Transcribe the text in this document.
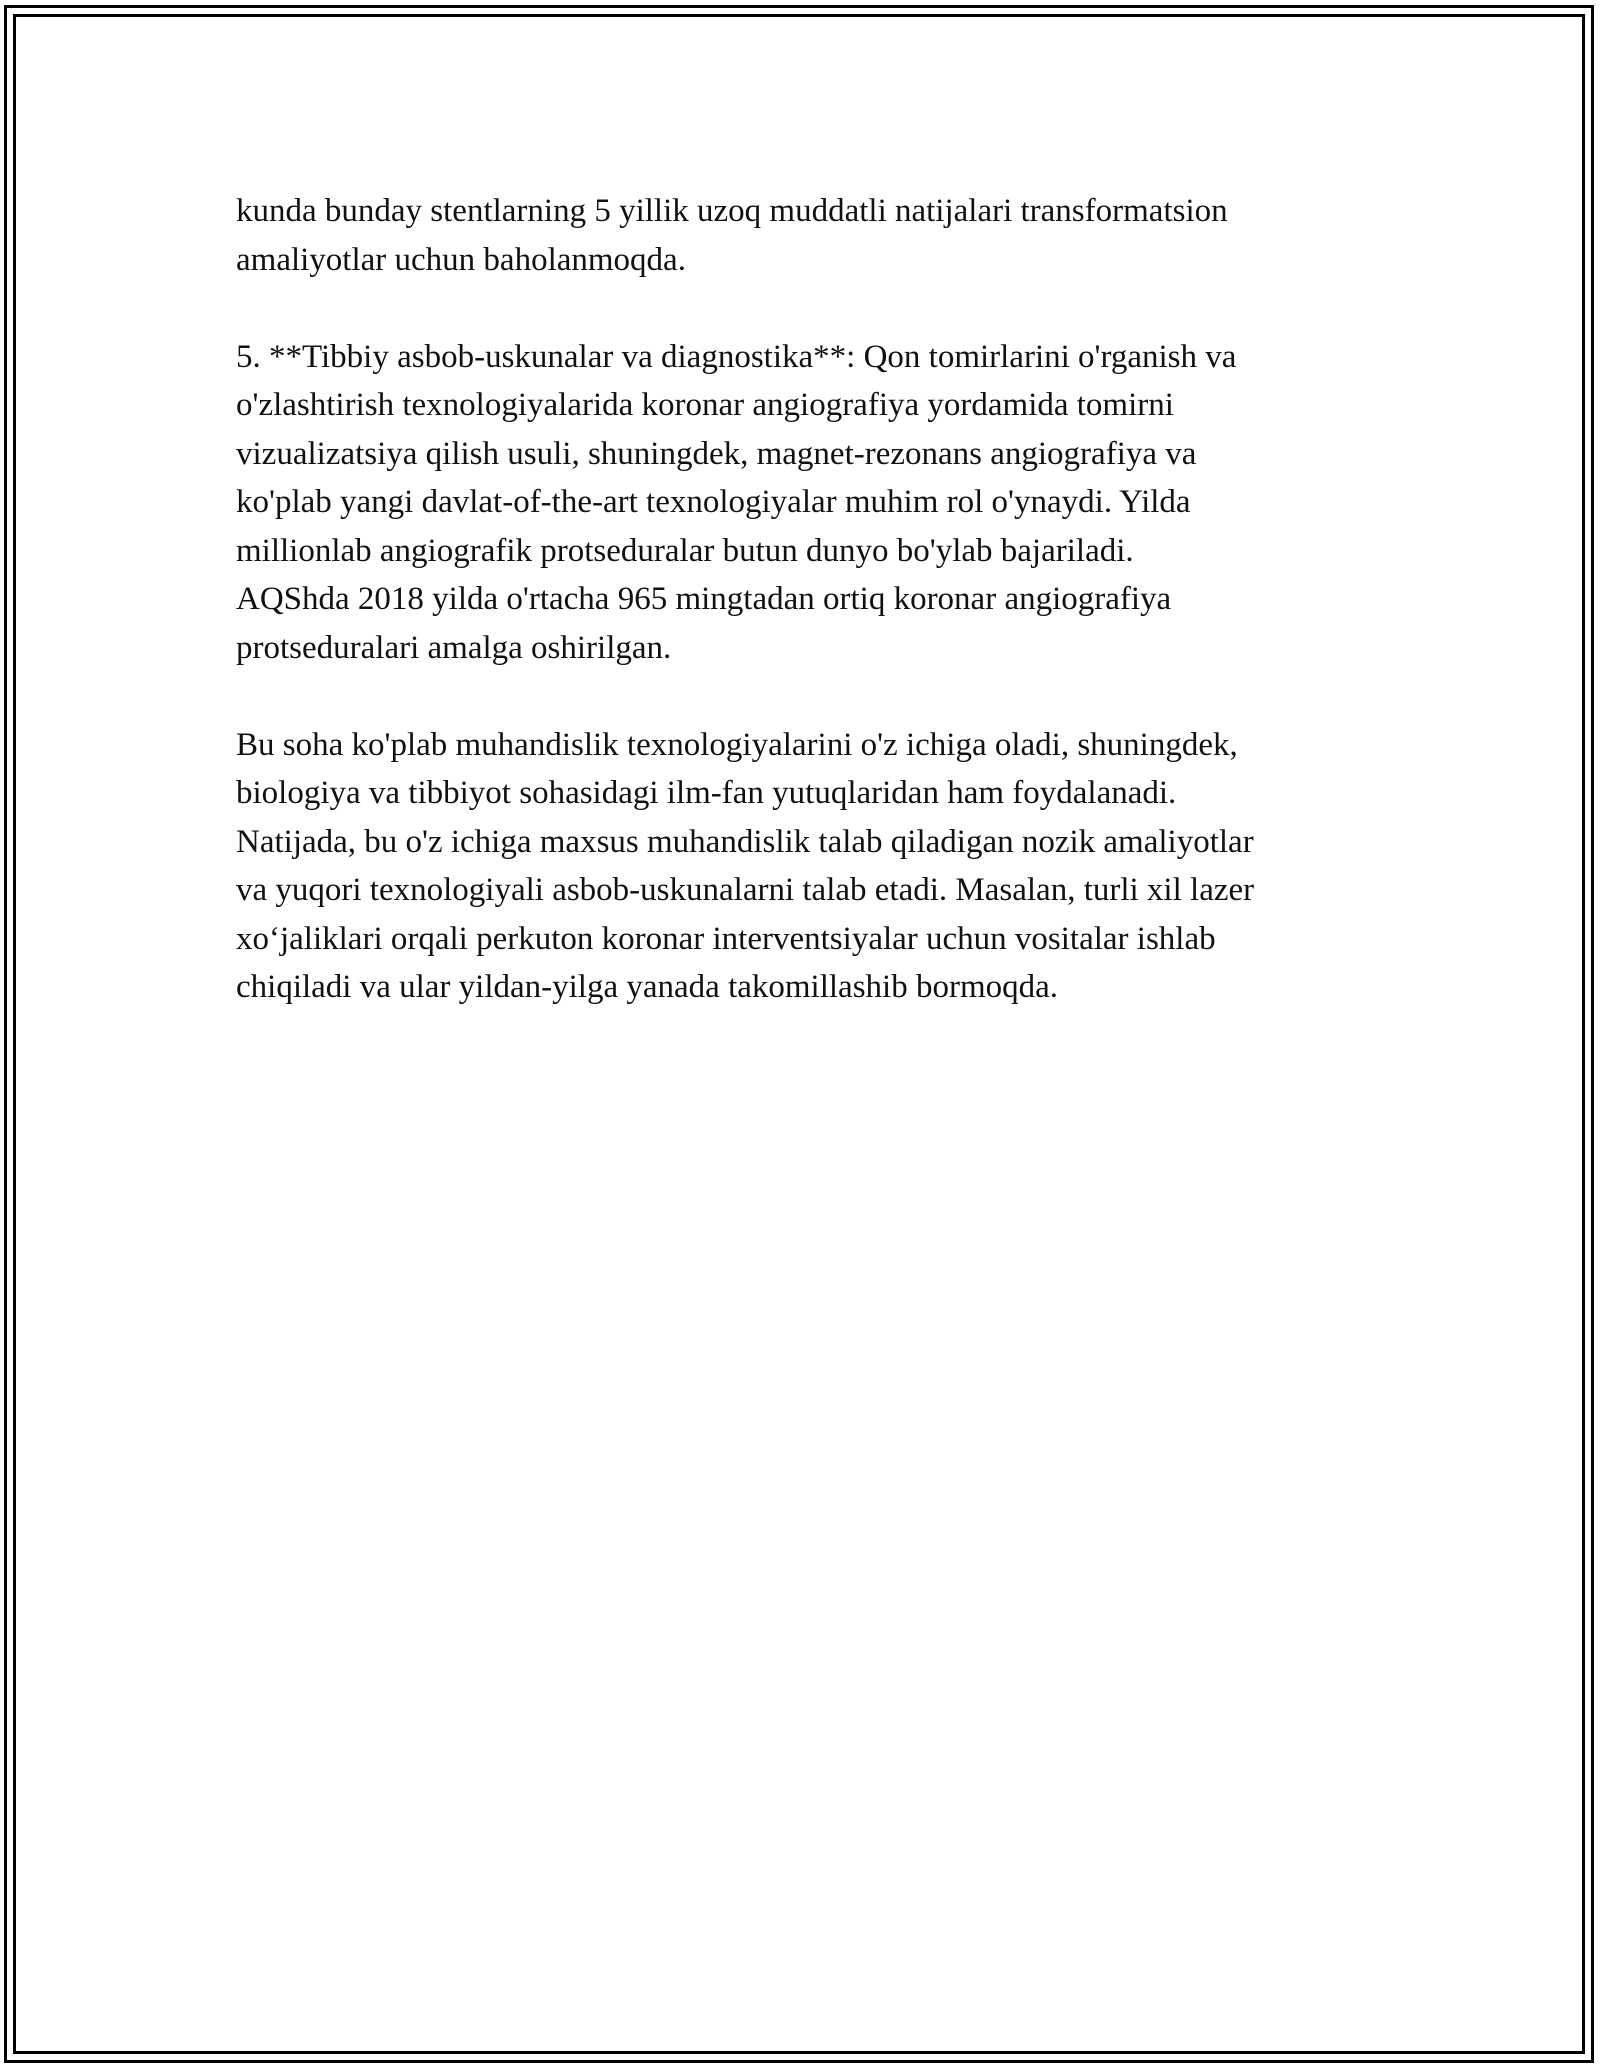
kunda bunday stentlarning 5 yillik uzoq muddatli natijalari transformatsion
amaliyotlar uchun baholanmoqda.

5. **Tibbiy asbob-uskunalar va diagnostika**: Qon tomirlarini o'rganish va
o'zlashtirish texnologiyalarida koronar angiografiya yordamida tomirni
vizualizatsiya qilish usuli, shuningdek, magnet-rezonans angiografiya va
ko'plab yangi davlat-of-the-art texnologiyalar muhim rol o'ynaydi. Yilda
millionlab angiografik protseduralar butun dunyo bo'ylab bajariladi.
AQShda 2018 yilda o'rtacha 965 mingtadan ortiq koronar angiografiya
protseduralari amalga oshirilgan.

Bu soha ko'plab muhandislik texnologiyalarini o'z ichiga oladi, shuningdek,
biologiya va tibbiyot sohasidagi ilm-fan yutuqlaridan ham foydalanadi.
Natijada, bu o'z ichiga maxsus muhandislik talab qiladigan nozik amaliyotlar
va yuqori texnologiyali asbob-uskunalarni talab etadi. Masalan, turli xil lazer
xo‘jaliklari orqali perkuton koronar interventsiyalar uchun vositalar ishlab
chiqiladi va ular yildan-yilga yanada takomillashib bormoqda.
